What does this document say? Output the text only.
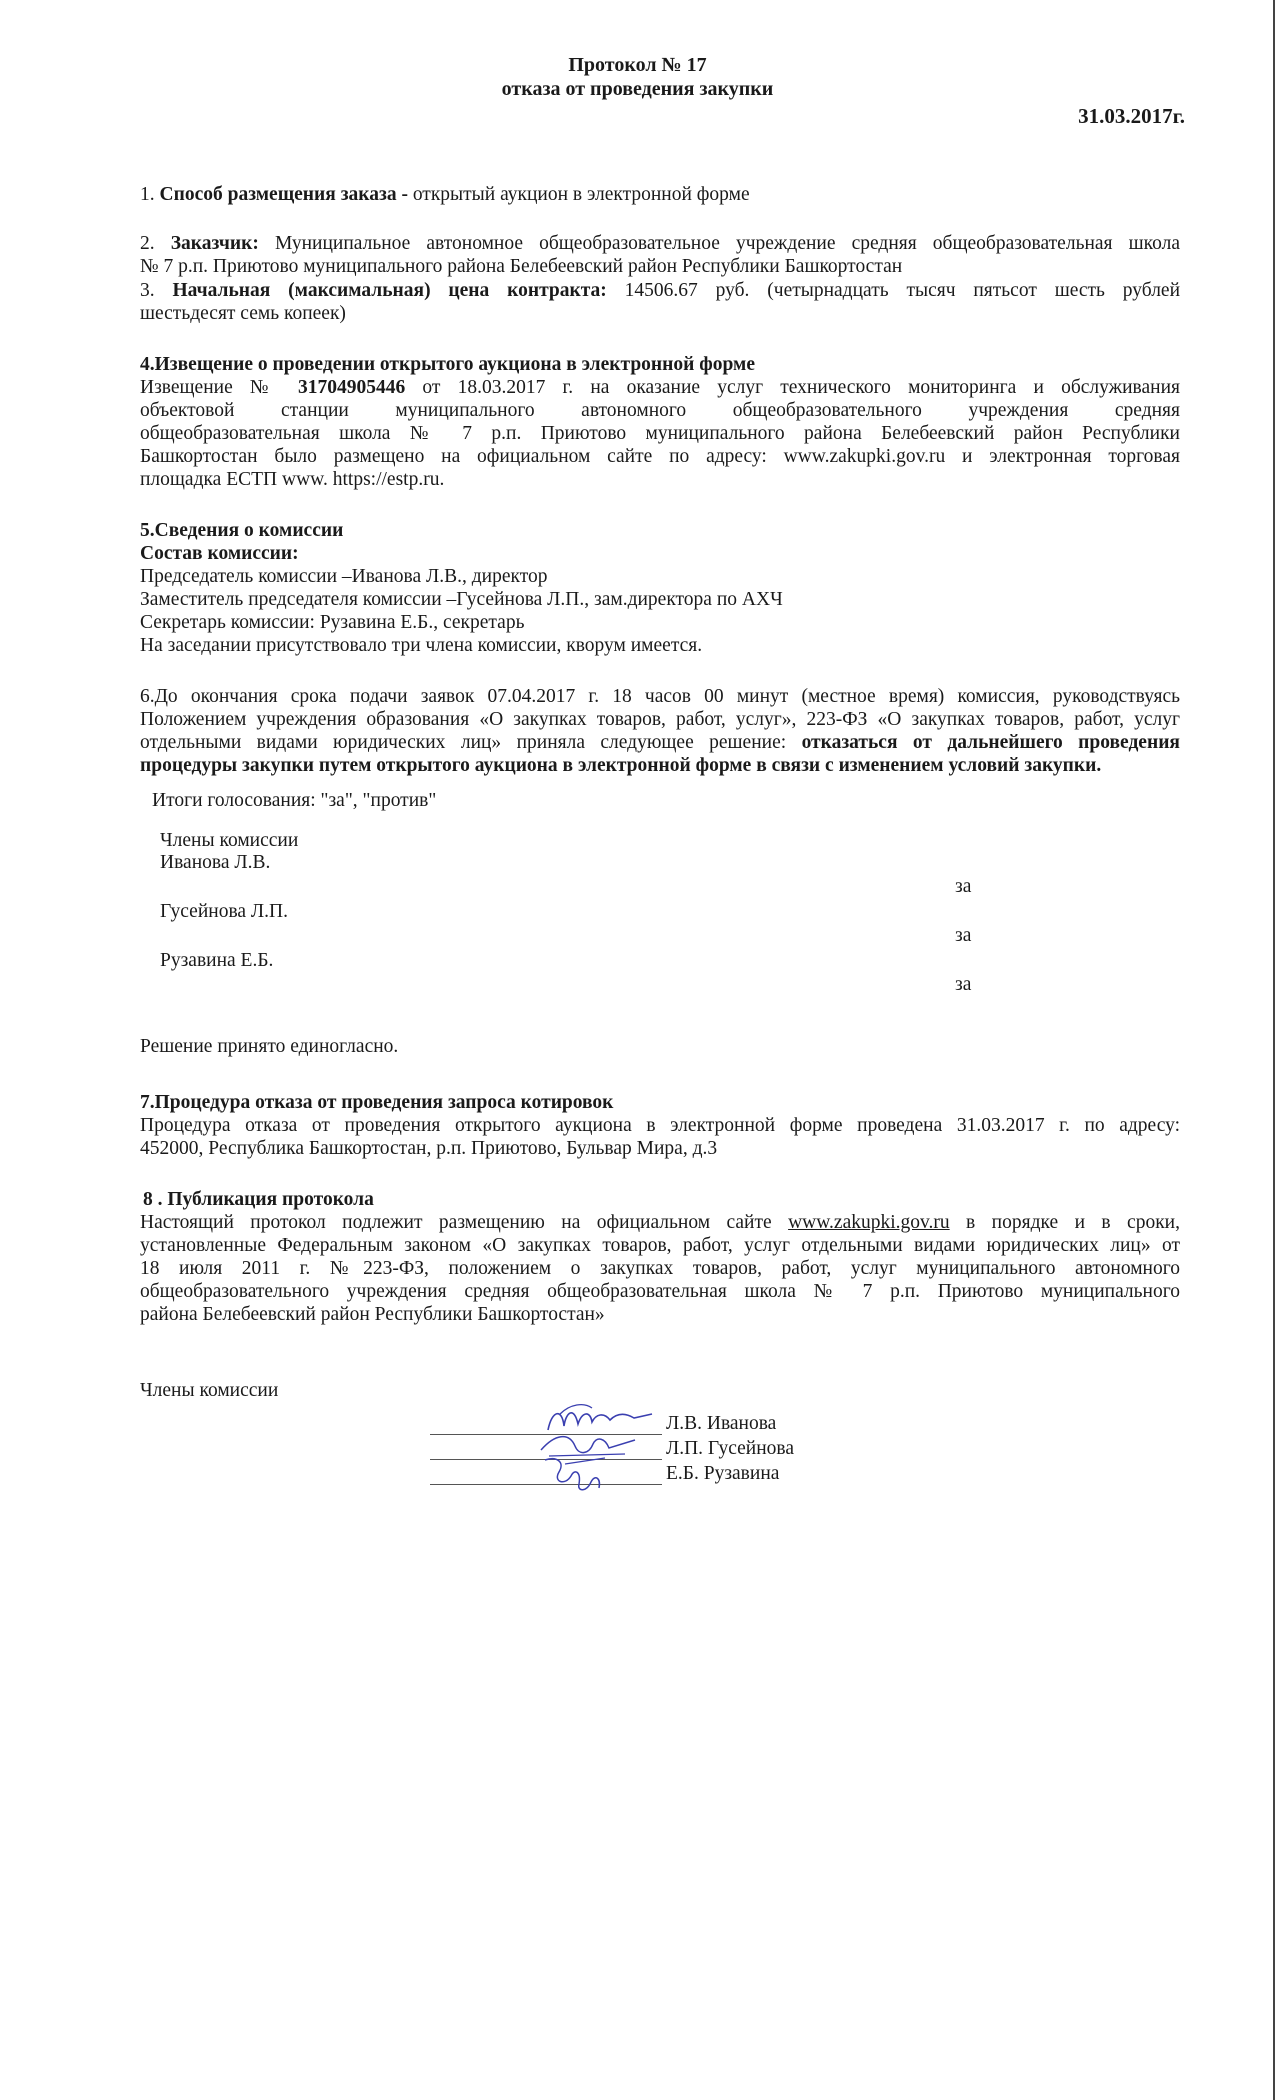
Протокол № 17
отказа от проведения закупки
31.03.2017г.
1. Способ размещения заказа - открытый аукцион в электронной форме
2. Заказчик: Муниципальное автономное общеобразовательное учреждение средняя общеобразовательная школа
№ 7 р.п. Приютово муниципального района Белебеевский район Республики Башкортостан
3. Начальная (максимальная) цена контракта: 14506.67 руб. (четырнадцать тысяч пятьсот шесть рублей
шестьдесят семь копеек)
4.Извещение о проведении открытого аукциона в электронной форме
Извещение № 31704905446 от 18.03.2017 г. на оказание услуг технического мониторинга и обслуживания
объектовой станции муниципального автономного общеобразовательного учреждения средняя
общеобразовательная школа № 7 р.п. Приютово муниципального района Белебеевский район Республики
Башкортостан было размещено на официальном сайте по адресу: www.zakupki.gov.ru и электронная торговая
площадка ЕСТП www. https://estp.ru.
5.Сведения о комиссии
Состав комиссии:
Председатель комиссии –Иванова Л.В., директор
Заместитель председателя комиссии –Гусейнова Л.П., зам.директора по АХЧ
Секретарь комиссии: Рузавина Е.Б., секретарь
На заседании присутствовало три члена комиссии, кворум имеется.
6.До окончания срока подачи заявок 07.04.2017 г. 18 часов 00 минут (местное время) комиссия, руководствуясь
Положением учреждения образования «О закупках товаров, работ, услуг», 223-ФЗ «О закупках товаров, работ, услуг
отдельными видами юридических лиц» приняла следующее решение: отказаться от дальнейшего проведения
процедуры закупки путем открытого аукциона в электронной форме в связи с изменением условий закупки.
Итоги голосования: "за", "против"
Члены комиссии
Иванова Л.В.
за
Гусейнова Л.П.
за
Рузавина Е.Б.
за
Решение принято единогласно.
7.Процедура отказа от проведения запроса котировок
Процедура отказа от проведения открытого аукциона в электронной форме проведена 31.03.2017 г. по адресу:
452000, Республика Башкортостан, р.п. Приютово, Бульвар Мира, д.3
8 . Публикация протокола
Настоящий протокол подлежит размещению на официальном сайте www.zakupki.gov.ru в порядке и в сроки,
установленные Федеральным законом «О закупках товаров, работ, услуг отдельными видами юридических лиц» от
18 июля 2011 г. №223-ФЗ, положением о закупках товаров, работ, услуг муниципального автономного
общеобразовательного учреждения средняя общеобразовательная школа № 7 р.п. Приютово муниципального
района Белебеевский район Республики Башкортостан»
Члены комиссии
Л.В. Иванова
Л.П. Гусейнова
Е.Б. Рузавина
